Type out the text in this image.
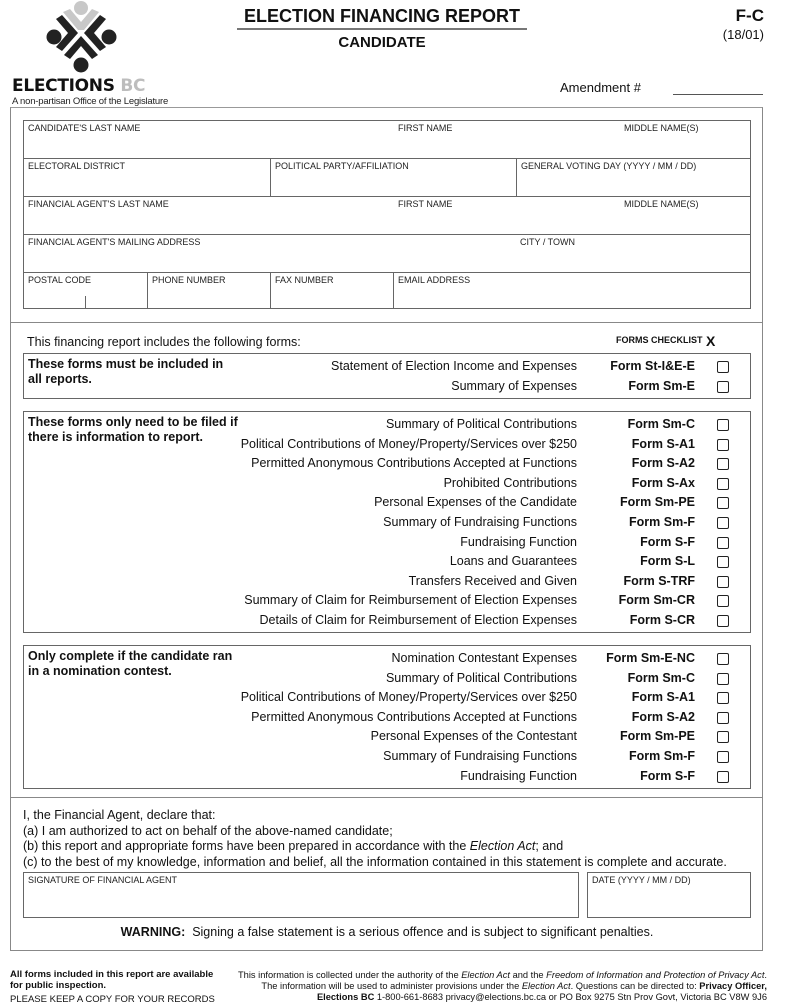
ELECTIONS BC
A non-partisan Office of the Legislature
ELECTION FINANCING REPORT
CANDIDATE
F-C
(18/01)
Amendment #
CANDIDATE'S LAST NAME	FIRST NAME	MIDDLE NAME(S)
ELECTORAL DISTRICT	POLITICAL PARTY/AFFILIATION	GENERAL VOTING DAY (YYYY / MM / DD)
FINANCIAL AGENT'S LAST NAME	FIRST NAME	MIDDLE NAME(S)
FINANCIAL AGENT'S MAILING ADDRESS	CITY / TOWN
POSTAL CODE	PHONE NUMBER	FAX NUMBER	EMAIL ADDRESS
This financing report includes the following forms:	FORMS CHECKLIST X
These forms must be included in all reports.
Statement of Election Income and Expenses	Form St-I&E-E
Summary of Expenses	Form Sm-E
These forms only need to be filed if there is information to report.
Summary of Political Contributions	Form Sm-C
Political Contributions of Money/Property/Services over $250	Form S-A1
Permitted Anonymous Contributions Accepted at Functions	Form S-A2
Prohibited Contributions	Form S-Ax
Personal Expenses of the Candidate	Form Sm-PE
Summary of Fundraising Functions	Form Sm-F
Fundraising Function	Form S-F
Loans and Guarantees	Form S-L
Transfers Received and Given	Form S-TRF
Summary of Claim for Reimbursement of Election Expenses	Form Sm-CR
Details of Claim for Reimbursement of Election Expenses	Form S-CR
Only complete if the candidate ran in a nomination contest.
Nomination Contestant Expenses Form Sm-E-NC
Summary of Political Contributions	Form Sm-C
Political Contributions of Money/Property/Services over $250	Form S-A1
Permitted Anonymous Contributions Accepted at Functions	Form S-A2
Personal Expenses of the Contestant	Form Sm-PE
Summary of Fundraising Functions	Form Sm-F
Fundraising Function	Form S-F
I, the Financial Agent, declare that:
(a) I am authorized to act on behalf of the above-named candidate;
(b) this report and appropriate forms have been prepared in accordance with the Election Act; and
(c) to the best of my knowledge, information and belief, all the information contained in this statement is complete and accurate.
SIGNATURE OF FINANCIAL AGENT	DATE (YYYY / MM / DD)
WARNING: Signing a false statement is a serious offence and is subject to significant penalties.
All forms included in this report are available for public inspection.
PLEASE KEEP A COPY FOR YOUR RECORDS
This information is collected under the authority of the Election Act and the Freedom of Information and Protection of Privacy Act.
The information will be used to administer provisions under the Election Act. Questions can be directed to: Privacy Officer,
Elections BC 1-800-661-8683 privacy@elections.bc.ca or PO Box 9275 Stn Prov Govt, Victoria BC V8W 9J6
